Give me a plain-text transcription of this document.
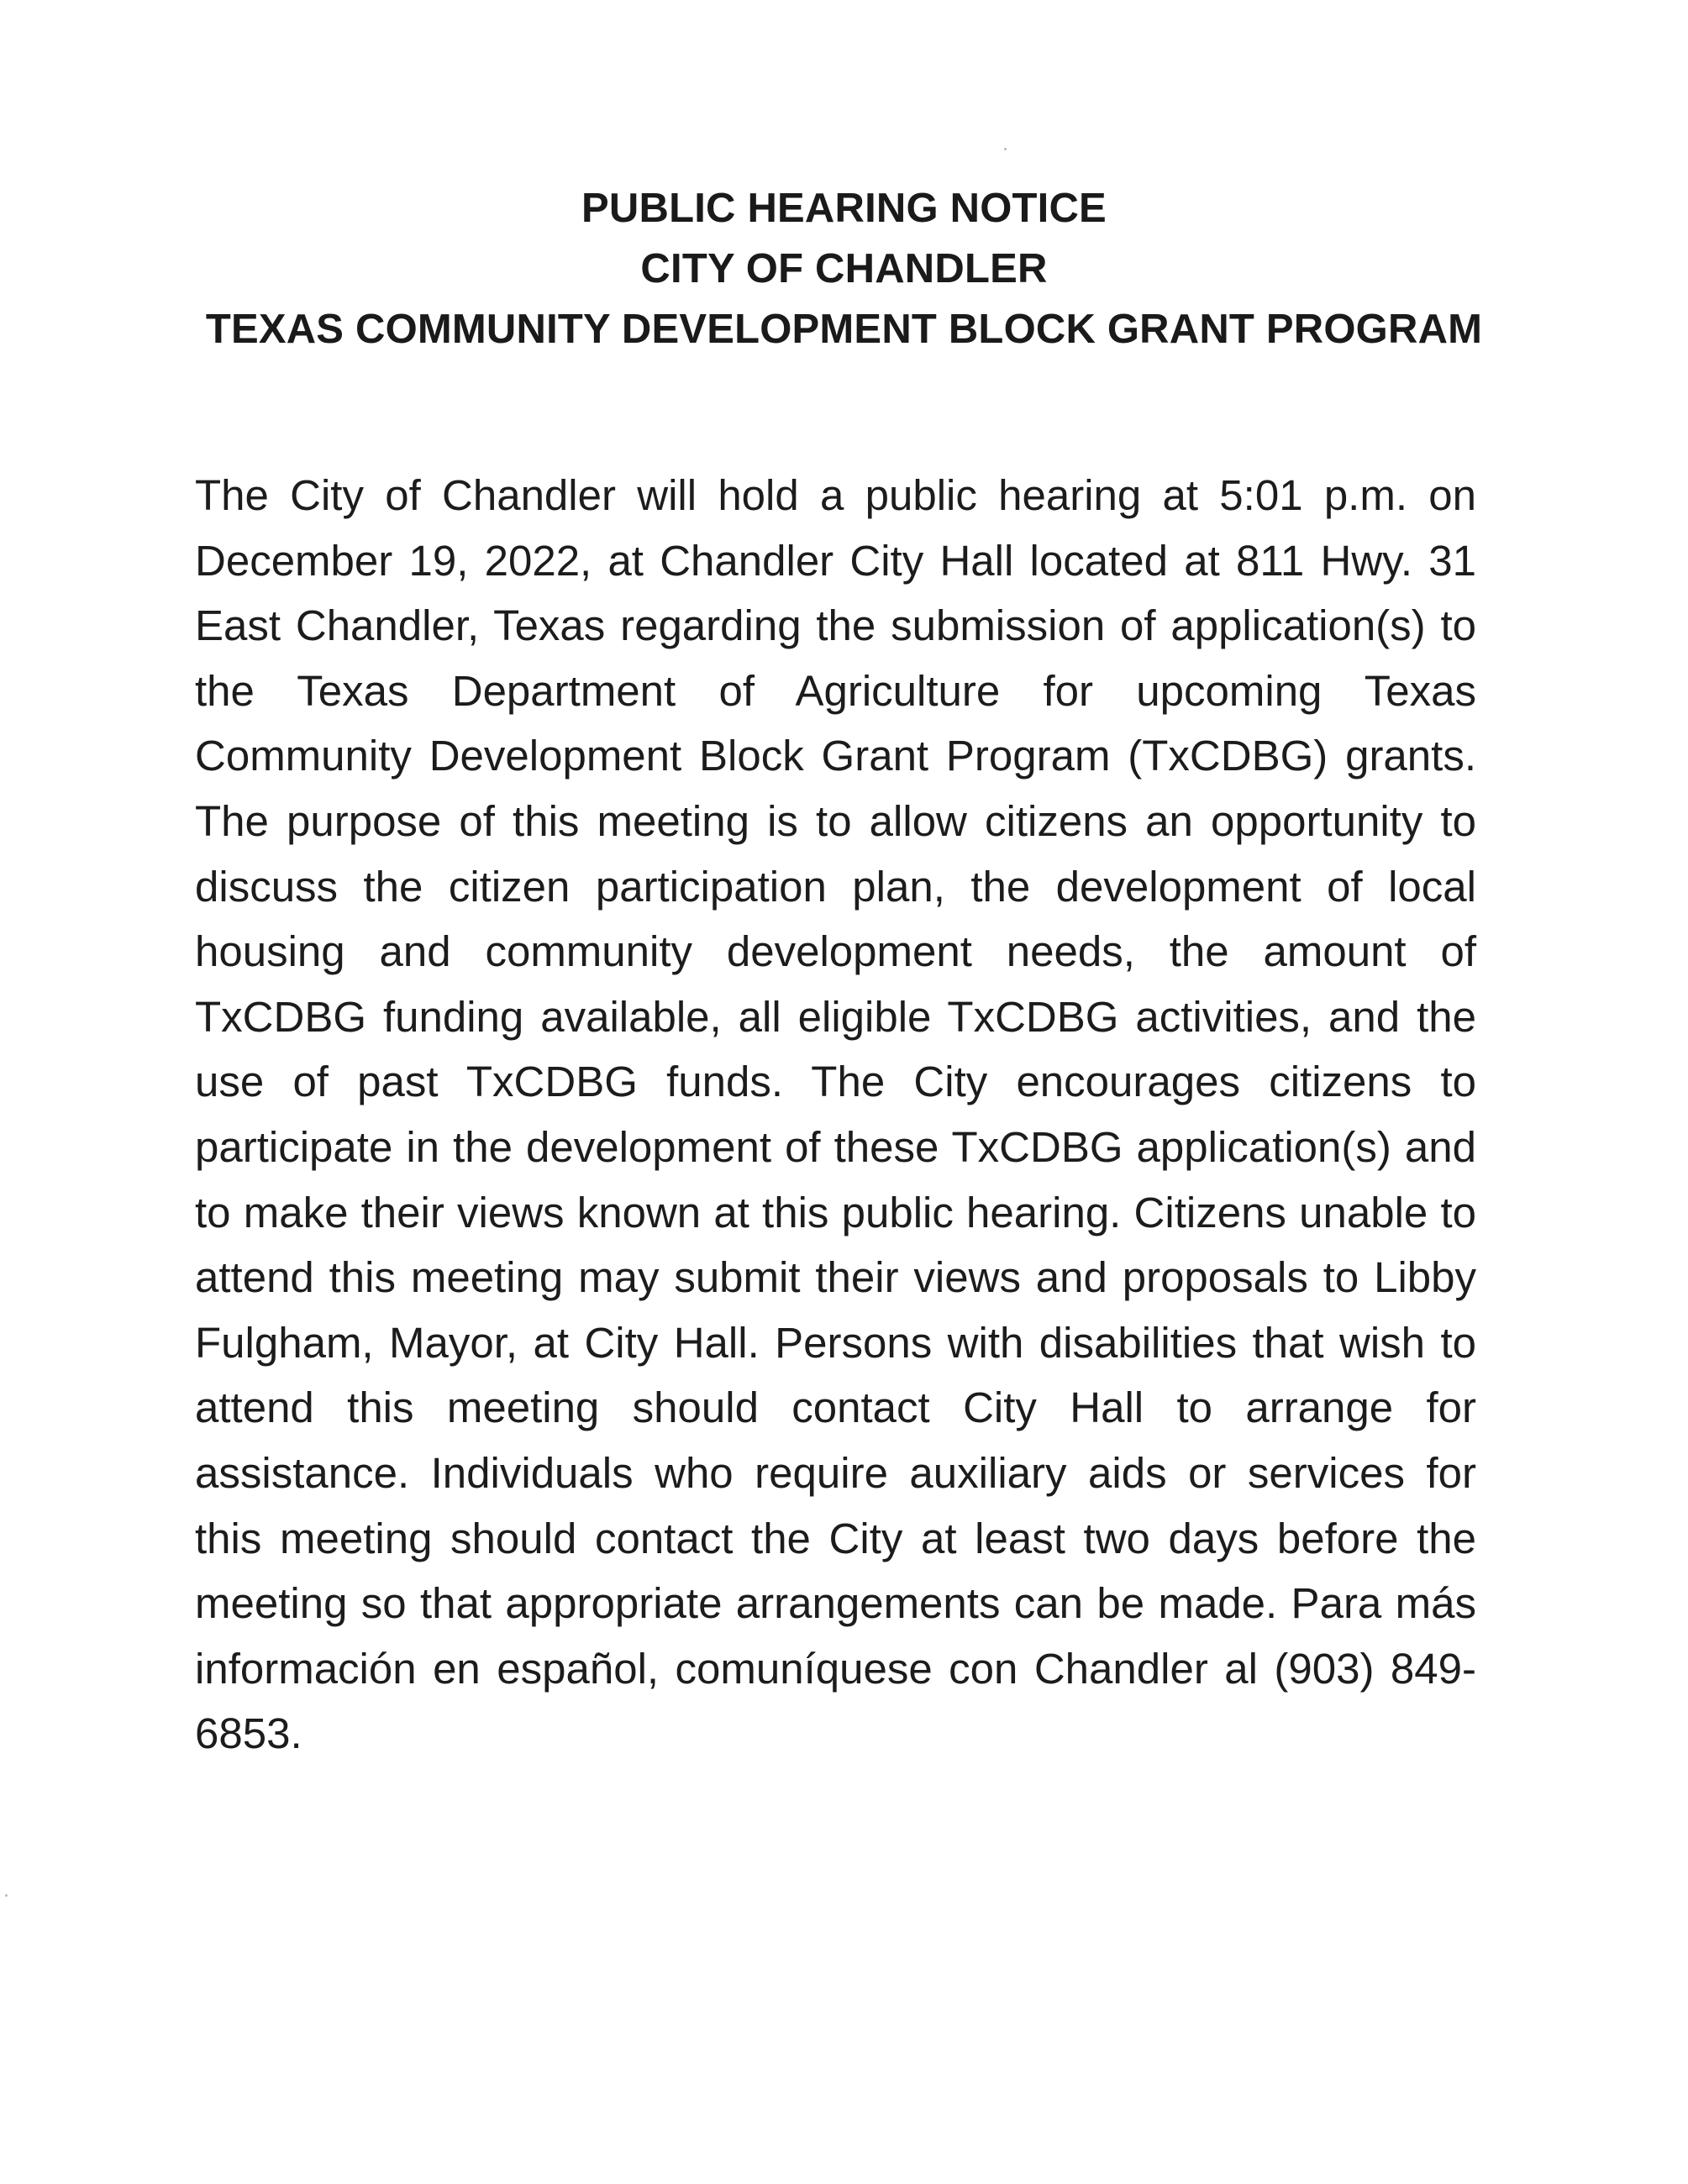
PUBLIC HEARING NOTICE
CITY OF CHANDLER
TEXAS COMMUNITY DEVELOPMENT BLOCK GRANT PROGRAM

The City of Chandler will hold a public hearing at 5:01 p.m. on December 19, 2022, at Chandler City Hall located at 811 Hwy. 31 East Chandler, Texas regarding the submission of application(s) to the Texas Department of Agriculture for upcoming Texas Community Development Block Grant Program (TxCDBG) grants. The purpose of this meeting is to allow citizens an opportunity to discuss the citizen participation plan, the development of local housing and community development needs, the amount of TxCDBG funding available, all eligible TxCDBG activities, and the use of past TxCDBG funds. The City encourages citizens to participate in the development of these TxCDBG application(s) and to make their views known at this public hearing. Citizens unable to attend this meeting may submit their views and proposals to Libby Fulgham, Mayor, at City Hall. Persons with disabilities that wish to attend this meeting should contact City Hall to arrange for assistance. Individuals who require auxiliary aids or services for this meeting should contact the City at least two days before the meeting so that appropriate arrangements can be made. Para más información en español, comuníquese con Chandler al (903) 849-6853.
